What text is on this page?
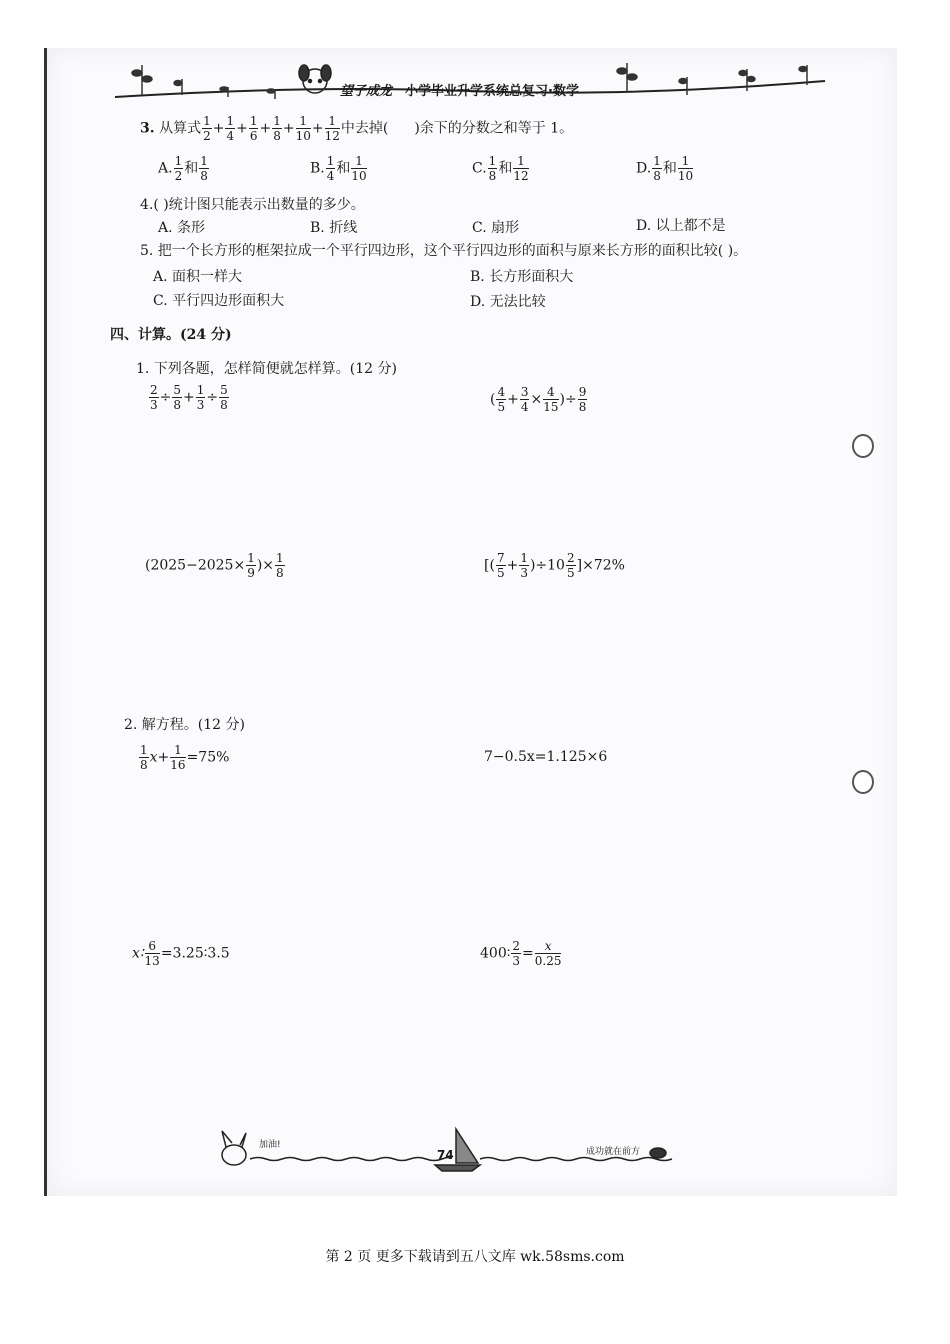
望子成龙 小学毕业升学系统总复习·数学
3. 从算式 $\frac{1}{2} + \frac{1}{4} + \frac{1}{6} + \frac{1}{8} + \frac{1}{10} + \frac{1}{12}$ 中去掉( )余下的分数之和等于 1。
A. $\frac{1}{2}$ 和 $\frac{1}{8}$	B. $\frac{1}{4}$ 和 $\frac{1}{10}$	C. $\frac{1}{8}$ 和 $\frac{1}{12}$	D. $\frac{1}{8}$ 和 $\frac{1}{10}$
4.( )统计图只能表示出数量的多少。
A. 条形	B. 折线	C. 扇形	D. 以上都不是
5. 把一个长方形的框架拉成一个平行四边形，这个平行四边形的面积与原来长方形的面积比较( )。
A. 面积一样大	B. 长方形面积大
C. 平行四边形面积大	D. 无法比较
四、计算。(24 分)
1. 下列各题，怎样简便就怎样算。(12 分)
$\frac{2}{3} \div \frac{5}{8} + \frac{1}{3} \div \frac{5}{8}$	( $\frac{4}{5} + \frac{3}{4} \times \frac{4}{15}$ )÷ $\frac{9}{8}$
($2025-2025\times \frac{1}{9}$ )× $\frac{1}{8}$	[( $\frac{7}{5} + \frac{1}{3} )\div 10 \frac{2}{5} ]\times 72\%$
2. 解方程。(12 分)
$\frac{1}{8} x+ \frac{1}{16} =75\%$	7−0.5x=1.125×6
x∶ $\frac{6}{13}$ =3.25∶3.5	400∶ $\frac{2}{3} = \frac{x}{0.25}$
加油!
74	成功就在前方
第 2 页 更多下载请到五八文库 wk.58sms.com
